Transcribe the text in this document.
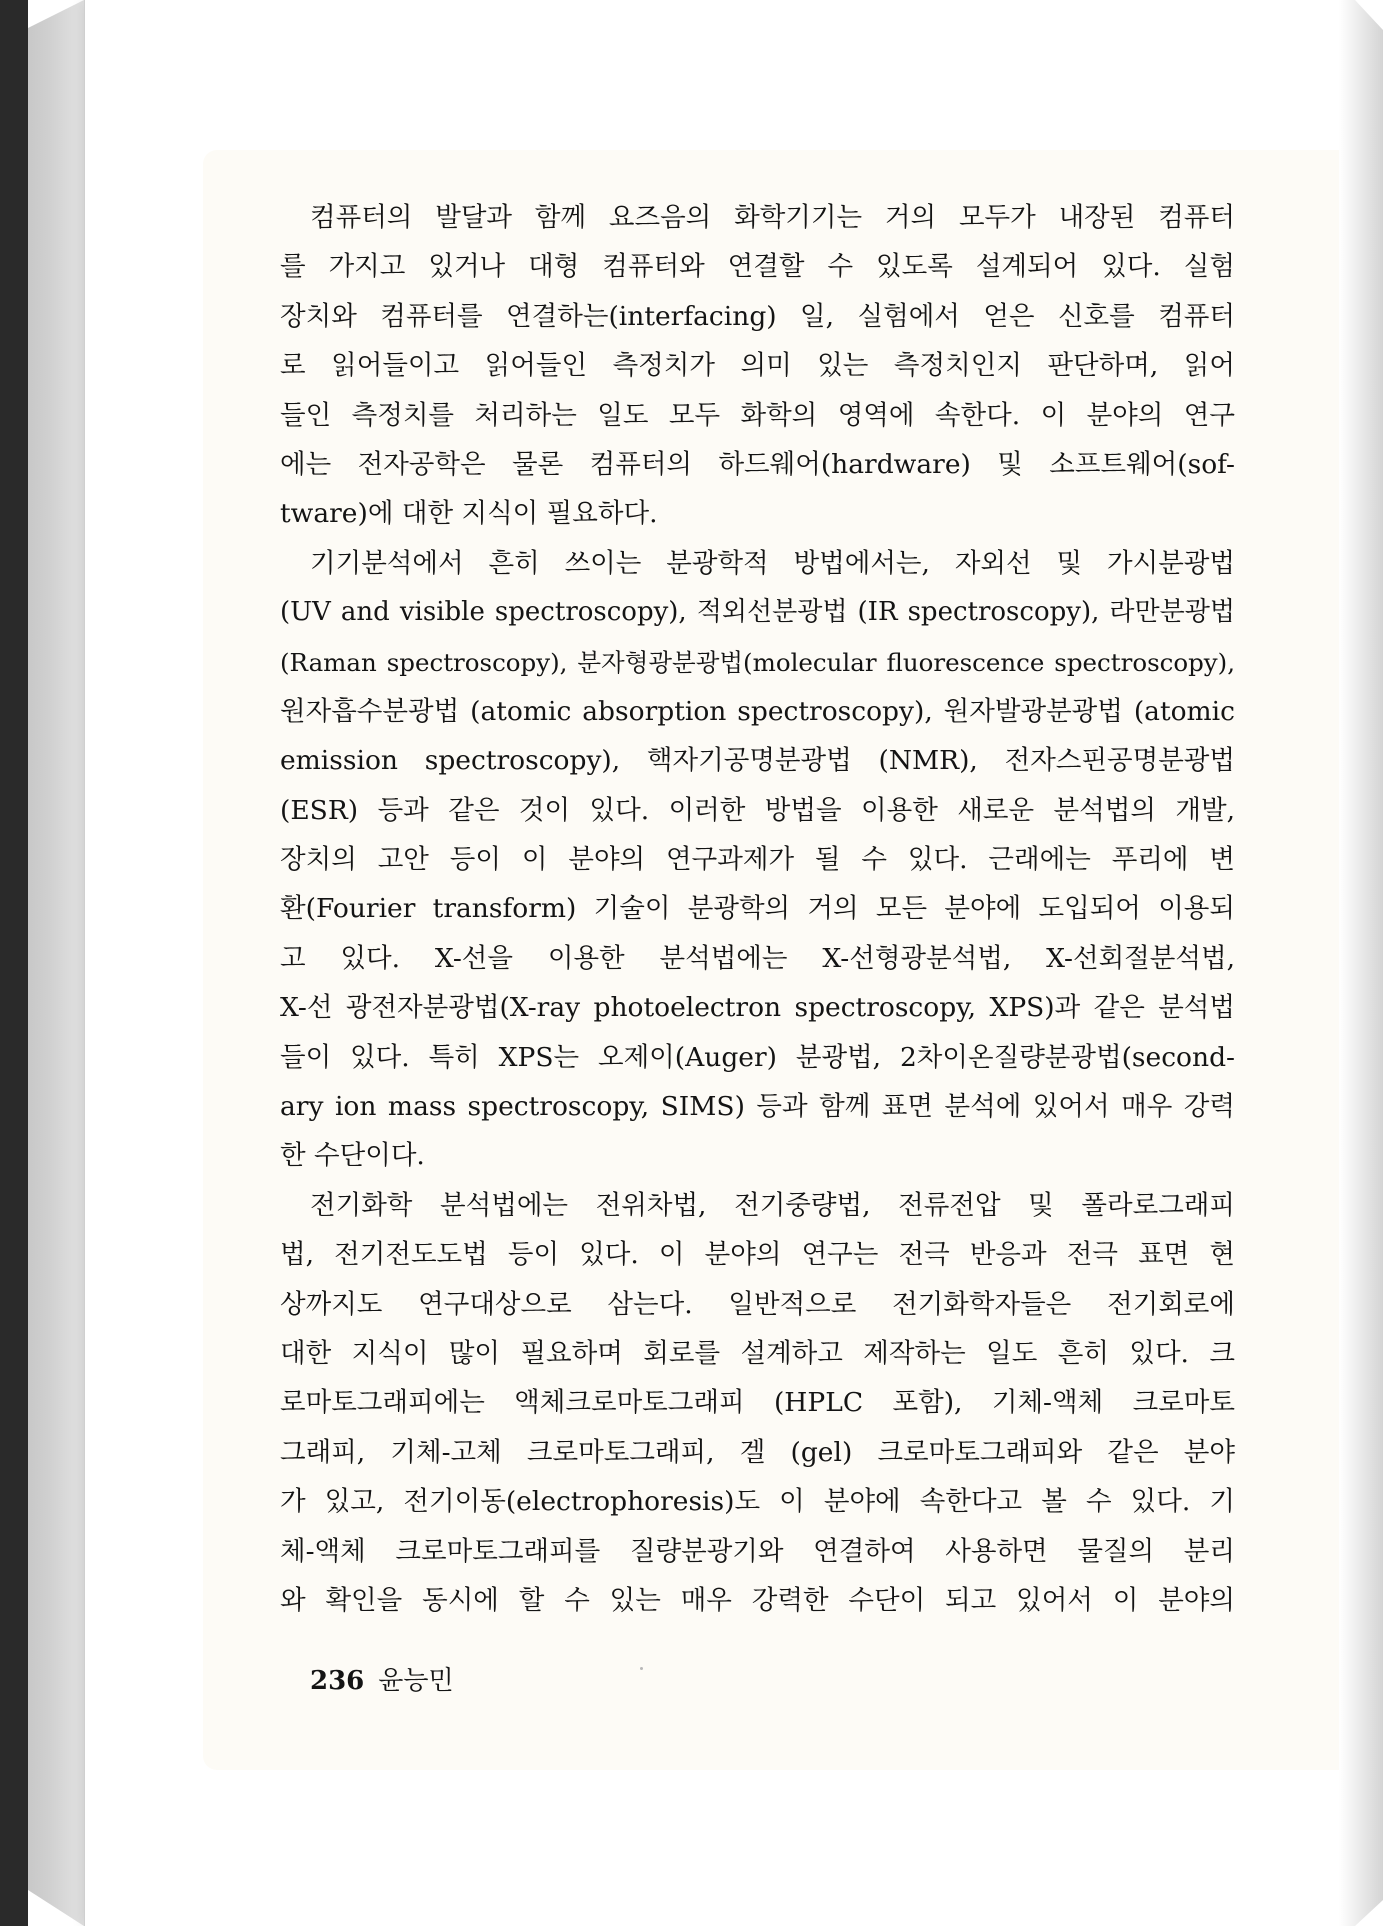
컴퓨터의 발달과 함께 요즈음의 화학기기는 거의 모두가 내장된 컴퓨터
를 가지고 있거나 대형 컴퓨터와 연결할 수 있도록 설계되어 있다. 실험
장치와 컴퓨터를 연결하는(interfacing) 일, 실험에서 얻은 신호를 컴퓨터
로 읽어들이고 읽어들인 측정치가 의미 있는 측정치인지 판단하며, 읽어
들인 측정치를 처리하는 일도 모두 화학의 영역에 속한다. 이 분야의 연구
에는 전자공학은 물론 컴퓨터의 하드웨어(hardware) 및 소프트웨어(sof-
tware)에 대한 지식이 필요하다.
기기분석에서 흔히 쓰이는 분광학적 방법에서는, 자외선 및 가시분광법
(UV and visible spectroscopy), 적외선분광법 (IR spectroscopy), 라만분광법
(Raman spectroscopy), 분자형광분광법(molecular fluorescence spectroscopy),
원자흡수분광법 (atomic absorption spectroscopy), 원자발광분광법 (atomic
emission spectroscopy), 핵자기공명분광법 (NMR), 전자스핀공명분광법
(ESR) 등과 같은 것이 있다. 이러한 방법을 이용한 새로운 분석법의 개발,
장치의 고안 등이 이 분야의 연구과제가 될 수 있다. 근래에는 푸리에 변
환(Fourier transform) 기술이 분광학의 거의 모든 분야에 도입되어 이용되
고 있다. X-선을 이용한 분석법에는 X-선형광분석법, X-선회절분석법,
X-선 광전자분광법(X-ray photoelectron spectroscopy, XPS)과 같은 분석법
들이 있다. 특히 XPS는 오제이(Auger) 분광법, 2차이온질량분광법(second-
ary ion mass spectroscopy, SIMS) 등과 함께 표면 분석에 있어서 매우 강력
한 수단이다.
전기화학 분석법에는 전위차법, 전기중량법, 전류전압 및 폴라로그래피
법, 전기전도도법 등이 있다. 이 분야의 연구는 전극 반응과 전극 표면 현
상까지도 연구대상으로 삼는다. 일반적으로 전기화학자들은 전기회로에
대한 지식이 많이 필요하며 회로를 설계하고 제작하는 일도 흔히 있다. 크
로마토그래피에는 액체크로마토그래피 (HPLC 포함), 기체-액체 크로마토
그래피, 기체-고체 크로마토그래피, 겔 (gel) 크로마토그래피와 같은 분야
가 있고, 전기이동(electrophoresis)도 이 분야에 속한다고 볼 수 있다. 기
체-액체 크로마토그래피를 질량분광기와 연결하여 사용하면 물질의 분리
와 확인을 동시에 할 수 있는 매우 강력한 수단이 되고 있어서 이 분야의
236 윤능민
